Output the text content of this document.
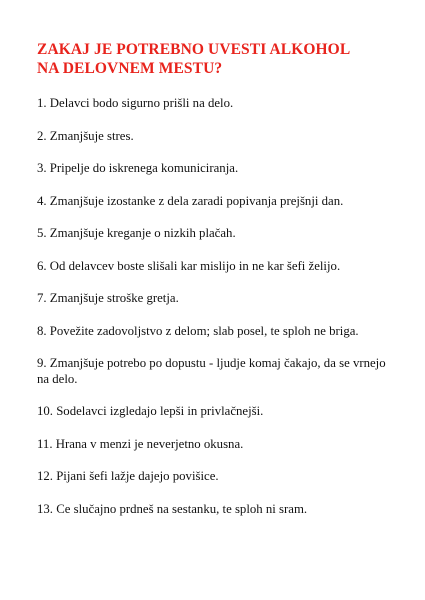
ZAKAJ JE POTREBNO UVESTI ALKOHOL
NA DELOVNEM MESTU?
1. Delavci bodo sigurno prišli na delo.
2. Zmanjšuje stres.
3. Pripelje do iskrenega komuniciranja.
4. Zmanjšuje izostanke z dela zaradi popivanja prejšnji dan.
5. Zmanjšuje kreganje o nizkih plačah.
6. Od delavcev boste slišali kar mislijo in ne kar šefi želijo.
7. Zmanjšuje stroške gretja.
8. Povežite zadovoljstvo z delom; slab posel, te sploh ne briga.
9. Zmanjšuje potrebo po dopustu - ljudje komaj čakajo, da se vrnejo na delo.
10. Sodelavci izgledajo lepši in privlačnejši.
11. Hrana v menzi je neverjetno okusna.
12. Pijani šefi lažje dajejo povišice.
13. Ce slučajno prdneš na sestanku, te sploh ni sram.
